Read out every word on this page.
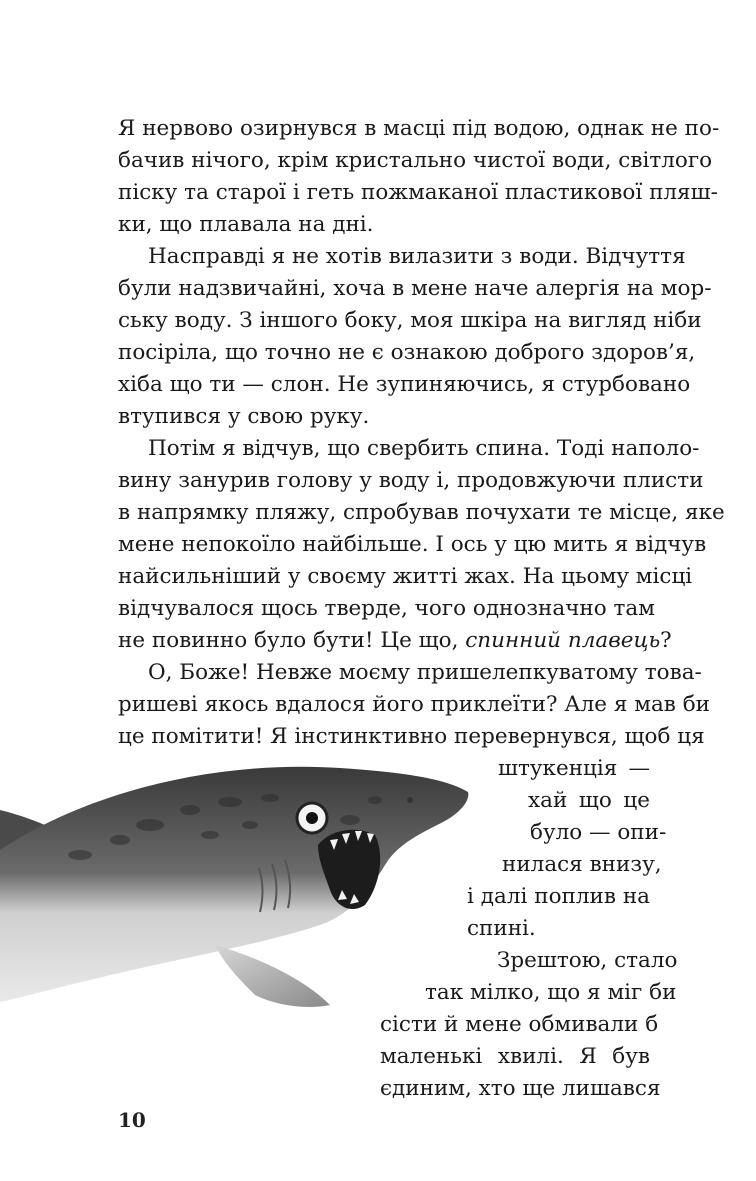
Я нервово озирнувся в масці під водою, однак не по-
бачив нічого, крім кристально чистої води, світлого
піску та старої і геть пожмаканої пластикової пляш-
ки, що плавала на дні.
Насправді я не хотів вилазити з води. Відчуття
були надзвичайні, хоча в мене наче алергія на мор-
ську воду. З іншого боку, моя шкіра на вигляд ніби
посіріла, що точно не є ознакою доброго здоров’я,
хіба що ти — слон. Не зупиняючись, я стурбовано
втупився у свою руку.
Потім я відчув, що свербить спина. Тоді наполо-
вину занурив голову у воду і, продовжуючи плисти
в напрямку пляжу, спробував почухати те місце, яке
мене непокоїло найбільше. І ось у цю мить я відчув
найсильніший у своєму житті жах. На цьому місці
відчувалося щось тверде, чого однозначно там
не повинно було бути! Це що, спинний плавець?
О, Боже! Невже моєму пришелепкуватому това-
ришеві якось вдалося його приклеїти? Але я мав би
це помітити! Я інстинктивно перевернувся, щоб ця
штукенція —
хай що це
було — опи-
нилася внизу,
і далі поплив на
спині.
Зрештою, стало
так мілко, що я міг би
сісти й мене обмивали б
маленькі хвилі. Я був
єдиним, хто ще лишався
10
